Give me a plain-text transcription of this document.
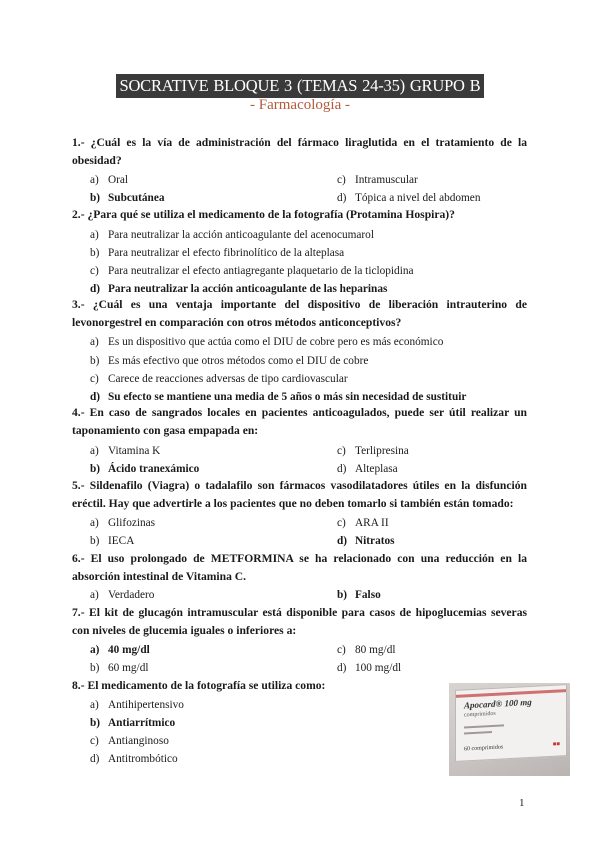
SOCRATIVE BLOQUE 3 (TEMAS 24-35) GRUPO B
- Farmacología -
1.- ¿Cuál es la vía de administración del fármaco liraglutida en el tratamiento de la obesidad?
a) Oral	c) Intramuscular
b) Subcutánea	d) Tópica a nivel del abdomen
2.- ¿Para qué se utiliza el medicamento de la fotografía (Protamina Hospira)?
a) Para neutralizar la acción anticoagulante del acenocumarol
b) Para neutralizar el efecto fibrinolítico de la alteplasa
c) Para neutralizar el efecto antiagregante plaquetario de la ticlopidina
d) Para neutralizar la acción anticoagulante de las heparinas
3.- ¿Cuál es una ventaja importante del dispositivo de liberación intrauterino de levonorgestrel en comparación con otros métodos anticonceptivos?
a) Es un dispositivo que actúa como el DIU de cobre pero es más económico
b) Es más efectivo que otros métodos como el DIU de cobre
c) Carece de reacciones adversas de tipo cardiovascular
d) Su efecto se mantiene una media de 5 años o más sin necesidad de sustituir
4.- En caso de sangrados locales en pacientes anticoagulados, puede ser útil realizar un taponamiento con gasa empapada en:
a) Vitamina K	c) Terlipresina
b) Ácido tranexámico	d) Alteplasa
5.- Sildenafilo (Viagra) o tadalafilo son fármacos vasodilatadores útiles en la disfunción eréctil. Hay que advertirle a los pacientes que no deben tomarlo si también están tomado:
a) Glifozinas	c) ARA II
b) IECA	d) Nitratos
6.- El uso prolongado de METFORMINA se ha relacionado con una reducción en la absorción intestinal de Vitamina C.
a) Verdadero	b) Falso
7.- El kit de glucagón intramuscular está disponible para casos de hipoglucemias severas con niveles de glucemia iguales o inferiores a:
a) 40 mg/dl	c) 80 mg/dl
b) 60 mg/dl	d) 100 mg/dl
8.- El medicamento de la fotografía se utiliza como:
a) Antihipertensivo
b) Antiarrítmico
c) Antianginoso
d) Antitrombótico
Apocard® 100 mg
comprimidos
60 comprimidos	■■
1
